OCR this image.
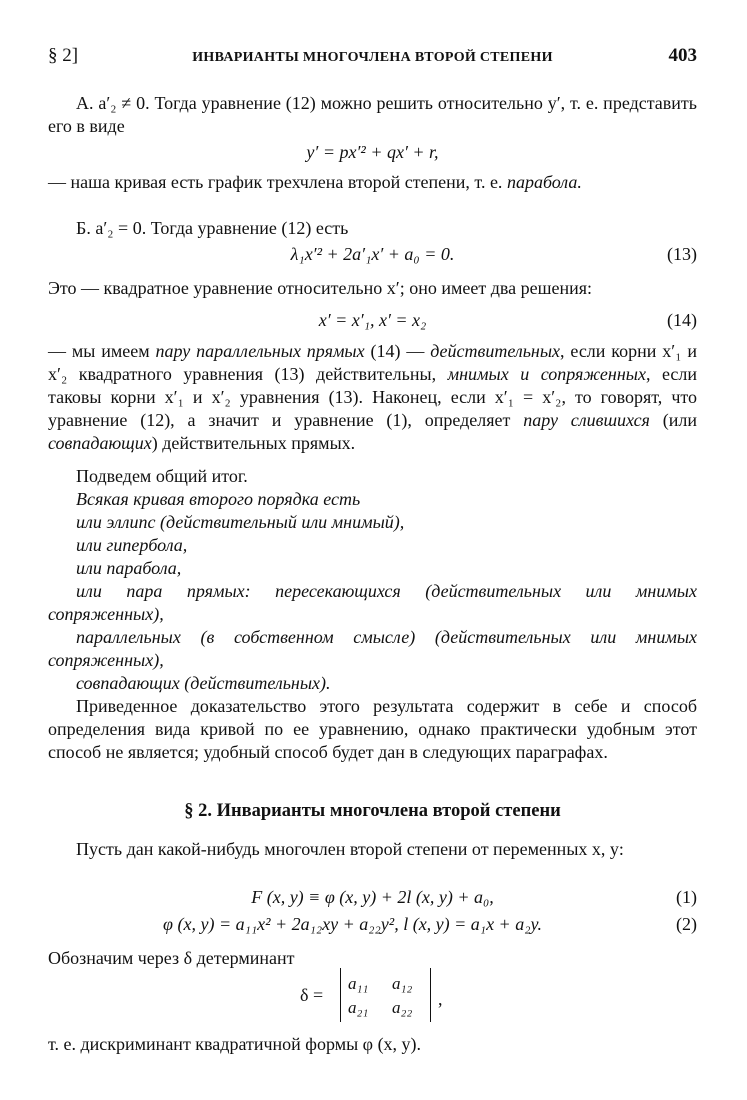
§ 2]	ИНВАРИАНТЫ МНОГОЧЛЕНА ВТОРОЙ СТЕПЕНИ	403
А. a′₂ ≠ 0. Тогда уравнение (12) можно решить относительно y′, т. е. представить его в виде
y′ = px′² + qx′ + r,
— наша кривая есть график трехчлена второй степени, т. е. парабола.
Б. a′₂ = 0. Тогда уравнение (12) есть
λ₁x′² + 2a′₁x′ + a₀ = 0.	(13)
Это — квадратное уравнение относительно x′; оно имеет два решения:
x′ = x′₁, x′ = x₂	(14)
— мы имеем пару параллельных прямых (14) — действительных, если корни x′₁ и x′₂ квадратного уравнения (13) действительны, мнимых и сопряженных, если таковы корни x′₁ и x′₂ уравнения (13). Наконец, если x′₁ = x′₂, то говорят, что уравнение (12), а значит и уравнение (1), определяет пару слившихся (или совпадающих) действительных прямых.
Подведем общий итог.
Всякая кривая второго порядка есть
или эллипс (действительный или мнимый),
или гипербола,
или парабола,
или пара прямых: пересекающихся (действительных или мнимых сопряженных),
параллельных (в собственном смысле) (действительных или мнимых сопряженных),
совпадающих (действительных).
Приведенное доказательство этого результата содержит в себе и способ определения вида кривой по ее уравнению, однако практически удобным этот способ не является; удобный способ будет дан в следующих параграфах.
§ 2. Инварианты многочлена второй степени
Пусть дан какой-нибудь многочлен второй степени от переменных x, y:
F (x, y) ≡ φ (x, y) + 2l (x, y) + a₀,	(1)
φ (x, y) = a₁₁x² + 2a₁₂xy + a₂₂y², l (x, y) = a₁x + a₂y.	(2)
Обозначим через δ детерминант
δ =
a₁₁ a₁₂
a₂₁ a₂₂ ,
т. е. дискриминант квадратичной формы φ (x, y).
